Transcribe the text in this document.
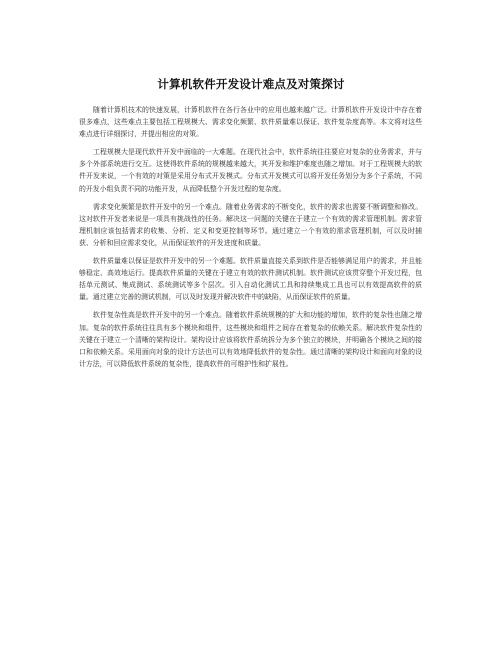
计算机软件开发设计难点及对策探讨

随着计算机技术的快速发展，计算机软件在各行各业中的应用也越来越广泛。计算机软件开发设计中存在着很多难点，这些难点主要包括工程规模大、需求变化频繁、软件质量难以保证、软件复杂度高等。本文将对这些难点进行详细探讨，并提出相应的对策。

工程规模大是现代软件开发中面临的一大难题。在现代社会中，软件系统往往要应对复杂的业务需求，并与多个外部系统进行交互。这使得软件系统的规模越来越大，其开发和维护难度也随之增加。对于工程规模大的软件开发来说，一个有效的对策是采用分布式开发模式。分布式开发模式可以将开发任务划分为多个子系统，不同的开发小组负责不同的功能开发，从而降低整个开发过程的复杂度。

需求变化频繁是软件开发中的另一个难点。随着业务需求的不断变化，软件的需求也需要不断调整和修改。这对软件开发者来说是一项具有挑战性的任务。解决这一问题的关键在于建立一个有效的需求管理机制。需求管理机制应该包括需求的收集、分析、定义和变更控制等环节。通过建立一个有效的需求管理机制，可以及时捕获、分析和回应需求变化，从而保证软件的开发进度和质量。

软件质量难以保证是软件开发中的另一个难题。软件质量直接关系到软件是否能够满足用户的需求，并且能够稳定、高效地运行。提高软件质量的关键在于建立有效的软件测试机制。软件测试应该贯穿整个开发过程，包括单元测试、集成测试、系统测试等多个层次。引入自动化测试工具和持续集成工具也可以有效提高软件的质量。通过建立完善的测试机制，可以及时发现并解决软件中的缺陷，从而保证软件的质量。

软件复杂性高是软件开发中的另一个难点。随着软件系统规模的扩大和功能的增加，软件的复杂性也随之增加。复杂的软件系统往往具有多个模块和组件，这些模块和组件之间存在着复杂的依赖关系。解决软件复杂性的关键在于建立一个清晰的架构设计。架构设计应该将软件系统拆分为多个独立的模块，并明确各个模块之间的接口和依赖关系。采用面向对象的设计方法也可以有效地降低软件的复杂性。通过清晰的架构设计和面向对象的设计方法，可以降低软件系统的复杂性，提高软件的可维护性和扩展性。
